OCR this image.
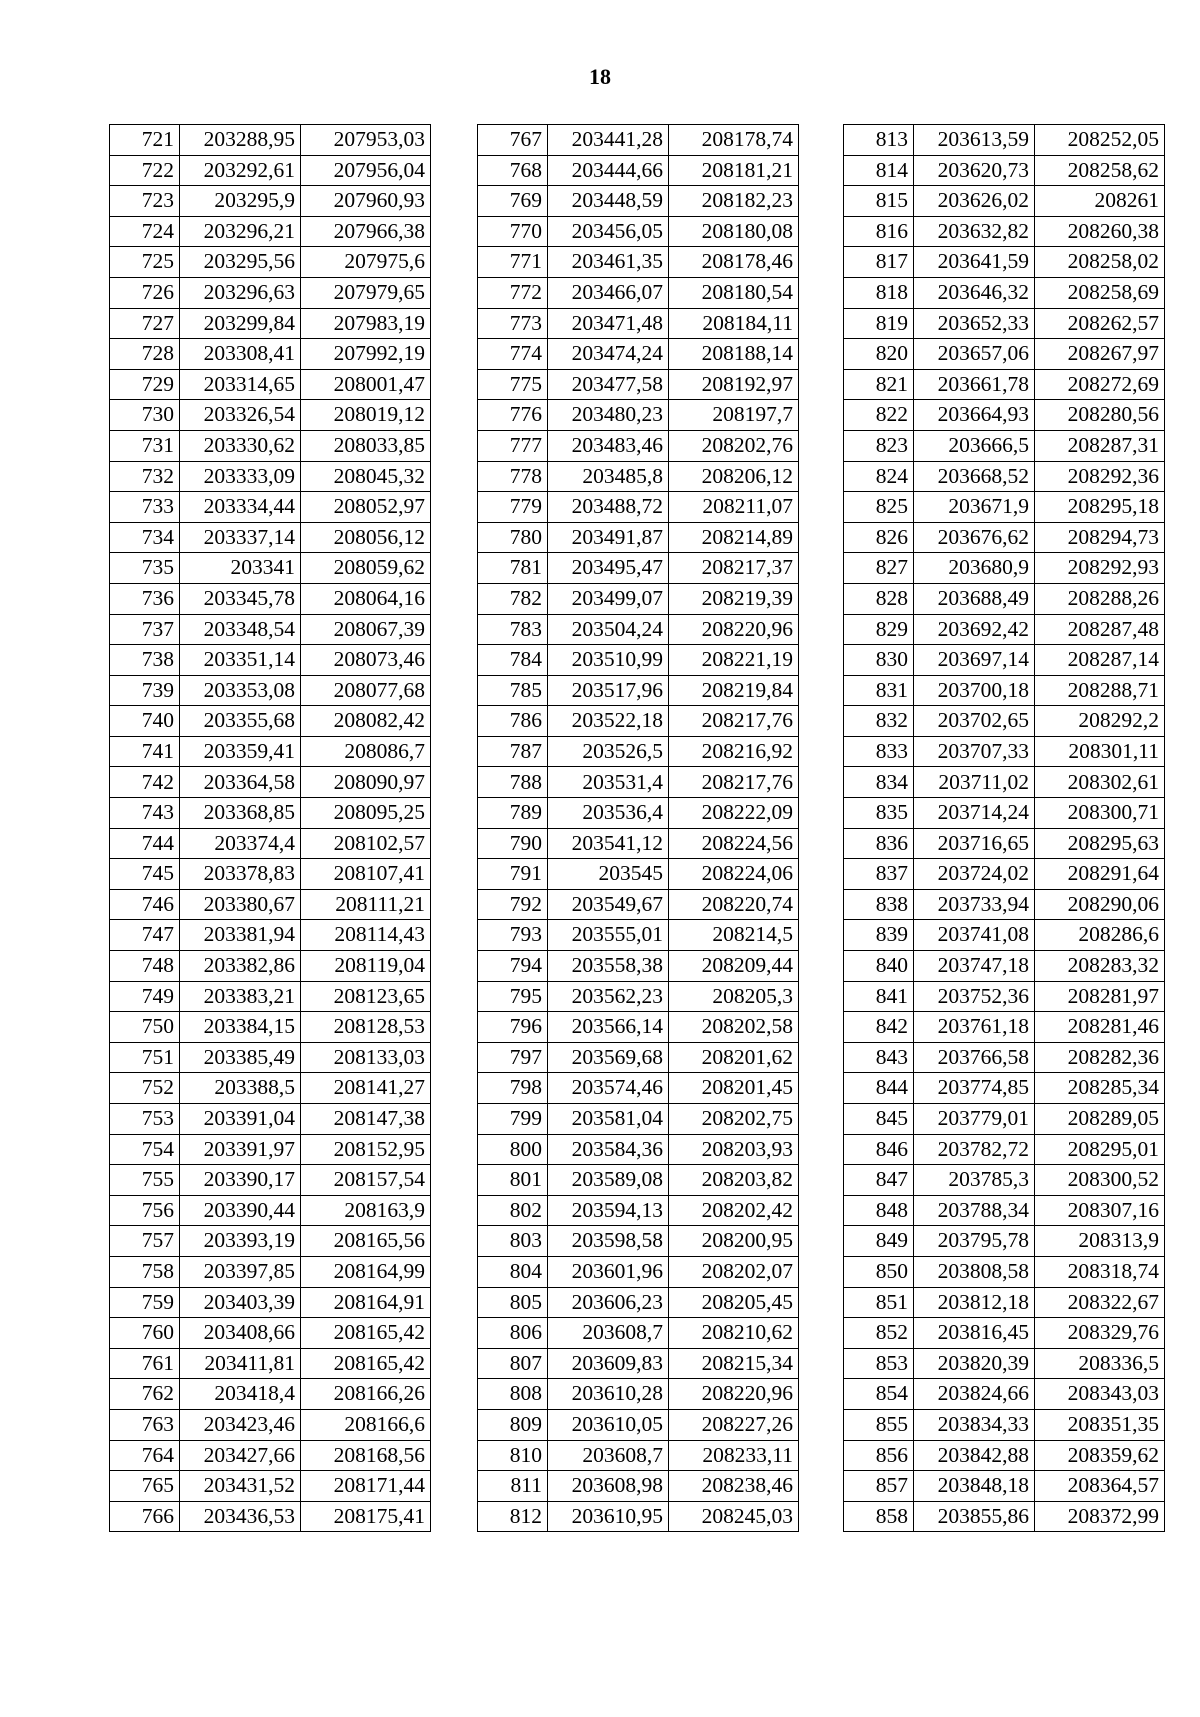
18
721	203288,95	207953,03
722	203292,61	207956,04
723	203295,9	207960,93
724	203296,21	207966,38
725	203295,56	207975,6
726	203296,63	207979,65
727	203299,84	207983,19
728	203308,41	207992,19
729	203314,65	208001,47
730	203326,54	208019,12
731	203330,62	208033,85
732	203333,09	208045,32
733	203334,44	208052,97
734	203337,14	208056,12
735	203341	208059,62
736	203345,78	208064,16
737	203348,54	208067,39
738	203351,14	208073,46
739	203353,08	208077,68
740	203355,68	208082,42
741	203359,41	208086,7
742	203364,58	208090,97
743	203368,85	208095,25
744	203374,4	208102,57
745	203378,83	208107,41
746	203380,67	208111,21
747	203381,94	208114,43
748	203382,86	208119,04
749	203383,21	208123,65
750	203384,15	208128,53
751	203385,49	208133,03
752	203388,5	208141,27
753	203391,04	208147,38
754	203391,97	208152,95
755	203390,17	208157,54
756	203390,44	208163,9
757	203393,19	208165,56
758	203397,85	208164,99
759	203403,39	208164,91
760	203408,66	208165,42
761	203411,81	208165,42
762	203418,4	208166,26
763	203423,46	208166,6
764	203427,66	208168,56
765	203431,52	208171,44
766	203436,53	208175,41
767	203441,28	208178,74
768	203444,66	208181,21
769	203448,59	208182,23
770	203456,05	208180,08
771	203461,35	208178,46
772	203466,07	208180,54
773	203471,48	208184,11
774	203474,24	208188,14
775	203477,58	208192,97
776	203480,23	208197,7
777	203483,46	208202,76
778	203485,8	208206,12
779	203488,72	208211,07
780	203491,87	208214,89
781	203495,47	208217,37
782	203499,07	208219,39
783	203504,24	208220,96
784	203510,99	208221,19
785	203517,96	208219,84
786	203522,18	208217,76
787	203526,5	208216,92
788	203531,4	208217,76
789	203536,4	208222,09
790	203541,12	208224,56
791	203545	208224,06
792	203549,67	208220,74
793	203555,01	208214,5
794	203558,38	208209,44
795	203562,23	208205,3
796	203566,14	208202,58
797	203569,68	208201,62
798	203574,46	208201,45
799	203581,04	208202,75
800	203584,36	208203,93
801	203589,08	208203,82
802	203594,13	208202,42
803	203598,58	208200,95
804	203601,96	208202,07
805	203606,23	208205,45
806	203608,7	208210,62
807	203609,83	208215,34
808	203610,28	208220,96
809	203610,05	208227,26
810	203608,7	208233,11
811	203608,98	208238,46
812	203610,95	208245,03
813	203613,59	208252,05
814	203620,73	208258,62
815	203626,02	208261
816	203632,82	208260,38
817	203641,59	208258,02
818	203646,32	208258,69
819	203652,33	208262,57
820	203657,06	208267,97
821	203661,78	208272,69
822	203664,93	208280,56
823	203666,5	208287,31
824	203668,52	208292,36
825	203671,9	208295,18
826	203676,62	208294,73
827	203680,9	208292,93
828	203688,49	208288,26
829	203692,42	208287,48
830	203697,14	208287,14
831	203700,18	208288,71
832	203702,65	208292,2
833	203707,33	208301,11
834	203711,02	208302,61
835	203714,24	208300,71
836	203716,65	208295,63
837	203724,02	208291,64
838	203733,94	208290,06
839	203741,08	208286,6
840	203747,18	208283,32
841	203752,36	208281,97
842	203761,18	208281,46
843	203766,58	208282,36
844	203774,85	208285,34
845	203779,01	208289,05
846	203782,72	208295,01
847	203785,3	208300,52
848	203788,34	208307,16
849	203795,78	208313,9
850	203808,58	208318,74
851	203812,18	208322,67
852	203816,45	208329,76
853	203820,39	208336,5
854	203824,66	208343,03
855	203834,33	208351,35
856	203842,88	208359,62
857	203848,18	208364,57
858	203855,86	208372,99
